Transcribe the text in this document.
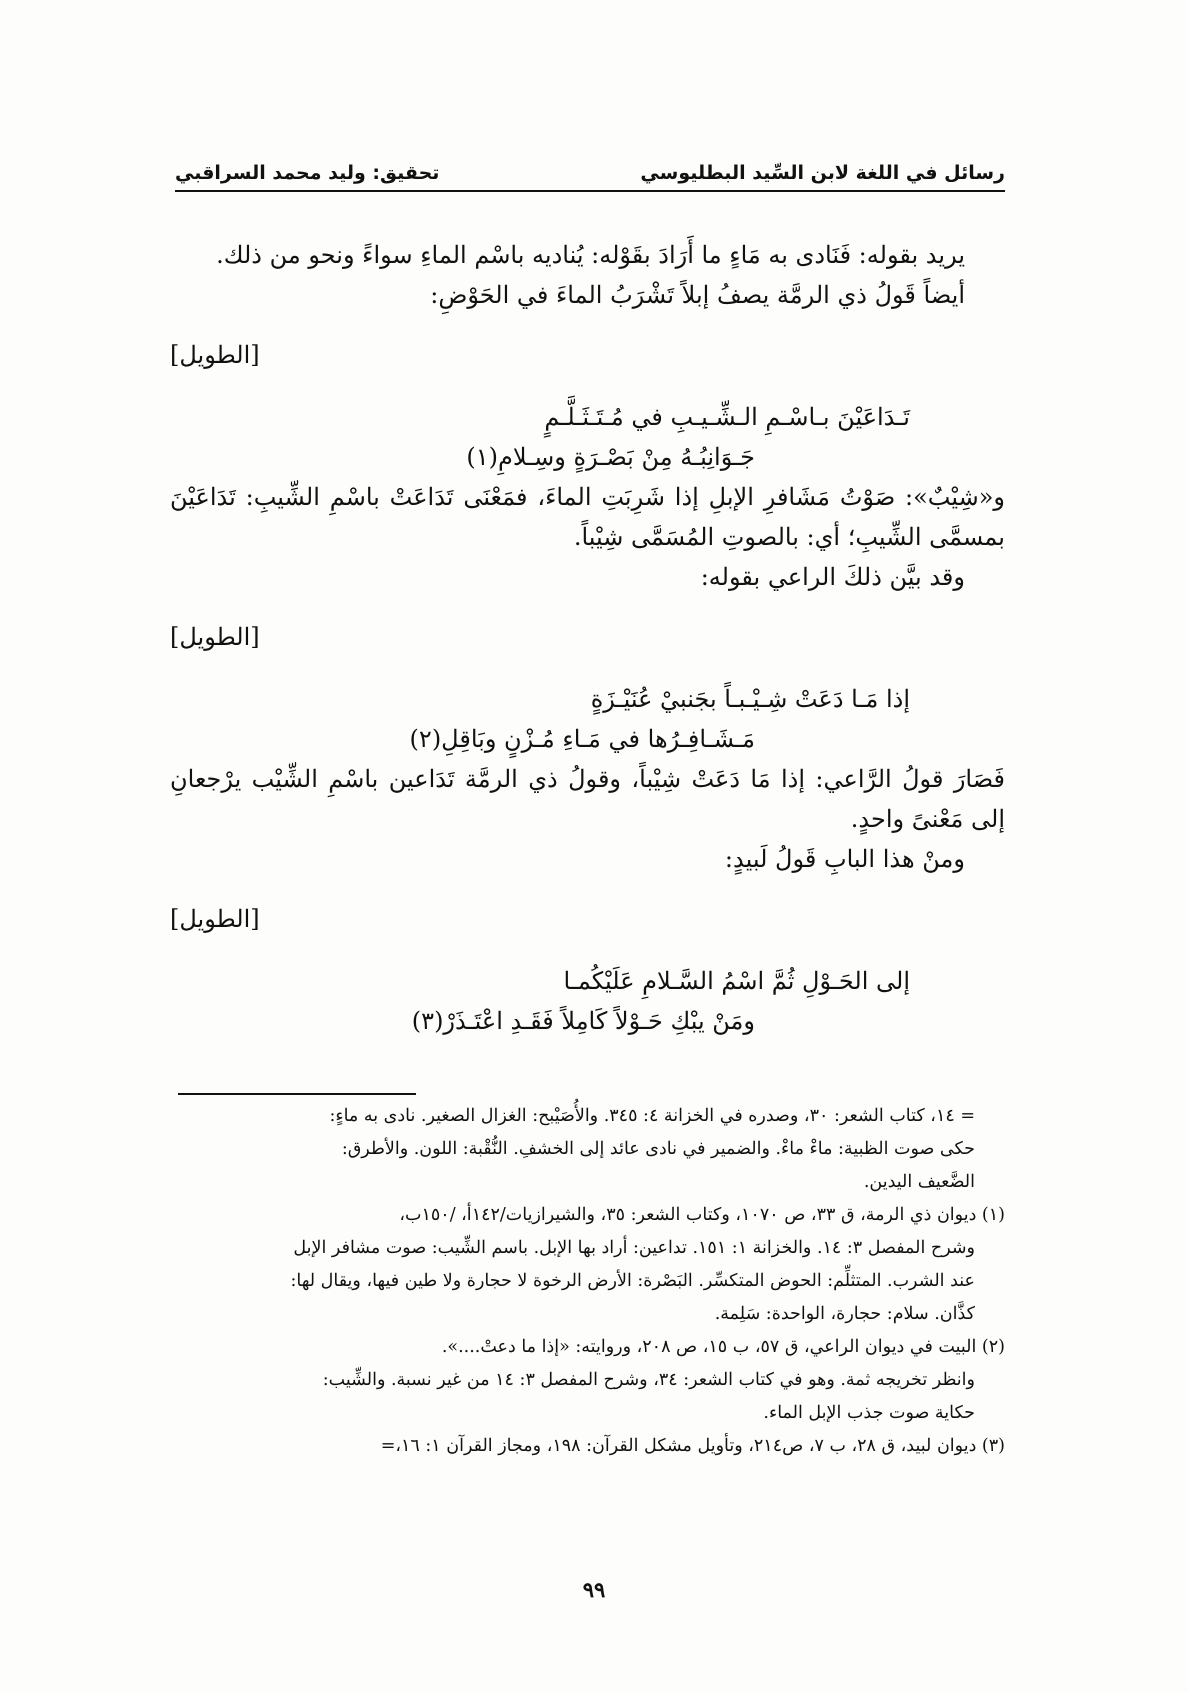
رسائل في اللغة لابن السِّيد البطليوسي
تحقيق: وليد محمد السراقبي

يريد بقوله: فَنَادى به مَاءٍ ما أَرَادَ بقَوْله: يُناديه باسْم الماءِ سواءً ونحو من ذلك.

أيضاً قَولُ ذي الرمَّة يصفُ إبلاً تَشْرَبُ الماءَ في الحَوْضِ:

[الطويل]

تَـدَاعَيْنَ بـاسْـمِ الـشِّـيـبِ في مُـتَـثَـلَّـمٍ

جَـوَانِبُـهُ مِنْ بَصْـرَةٍ وسِـلامِ(١)

و«شِيْبٌ»: صَوْتُ مَشَافرِ الإبلِ إذا شَرِبَتِ الماءَ، فمَعْنَى تَدَاعَتْ باسْمِ الشِّيبِ: تَدَاعَيْنَ بمسمَّى الشِّيبِ؛ أي: بالصوتِ المُسَمَّى شِيْباً.

وقد بيَّن ذلكَ الراعي بقوله:

[الطويل]

إذا مَـا دَعَتْ شِـيْـبـاً بجَنبيْ عُنَيْـزَةٍ

مَـشَـافِـرُها في مَـاءِ مُـزْنٍ وبَاقِلِ(٢)

فَصَارَ قولُ الرَّاعي: إذا مَا دَعَتْ شِيْباً، وقولُ ذي الرمَّة تَدَاعين باسْمِ الشِّيْب يرْجعانِ إلى مَعْنىً واحدٍ.

ومنْ هذا البابِ قَولُ لَبيدٍ:

[الطويل]

إلى الحَـوْلِ ثُمَّ اسْمُ السَّـلامِ عَلَيْكُمـا

ومَنْ يبْكِ حَـوْلاً كَامِلاً فَقَـدِ اعْتَـذَرْ(٣)

= ١٤، كتاب الشعر: ٣٠، وصدره في الخزانة ٤: ٣٤٥. والأُصَيْبح: الغزال الصغير. نادى به ماءٍ:

حكى صوت الظبية: ماءْ ماءْ. والضمير في نادى عائد إلى الخشفِ. النُّقْبة: اللون. والأطرق:

الضَّعيف اليدين.

(١) ديوان ذي الرمة، ق ٣٣، ص ١٠٧٠، وكتاب الشعر: ٣٥، والشيرازيات/١٤٢أ، /١٥٠ب،

وشرح المفصل ٣: ١٤. والخزانة ١: ١٥١. تداعين: أراد بها الإبل. باسم الشِّيب: صوت مشافر الإبل

عند الشرب. المتثلِّم: الحوض المتكسِّر. البَصْرة: الأرض الرخوة لا حجارة ولا طين فيها، ويقال لها:

كذَّان. سلام: حجارة، الواحدة: سَلِمة.

(٢) البيت في ديوان الراعي، ق ٥٧، ب ١٥، ص ٢٠٨، وروايته: «إذا ما دعتْ....».

وانظر تخريجه ثمة. وهو في كتاب الشعر: ٣٤، وشرح المفصل ٣: ١٤ من غير نسبة. والشِّيب:

حكاية صوت جذب الإبل الماء.

(٣) ديوان لبيد، ق ٢٨، ب ٧، ص٢١٤، وتأويل مشكل القرآن: ١٩٨، ومجاز القرآن ١: ١٦،=

٩٩
